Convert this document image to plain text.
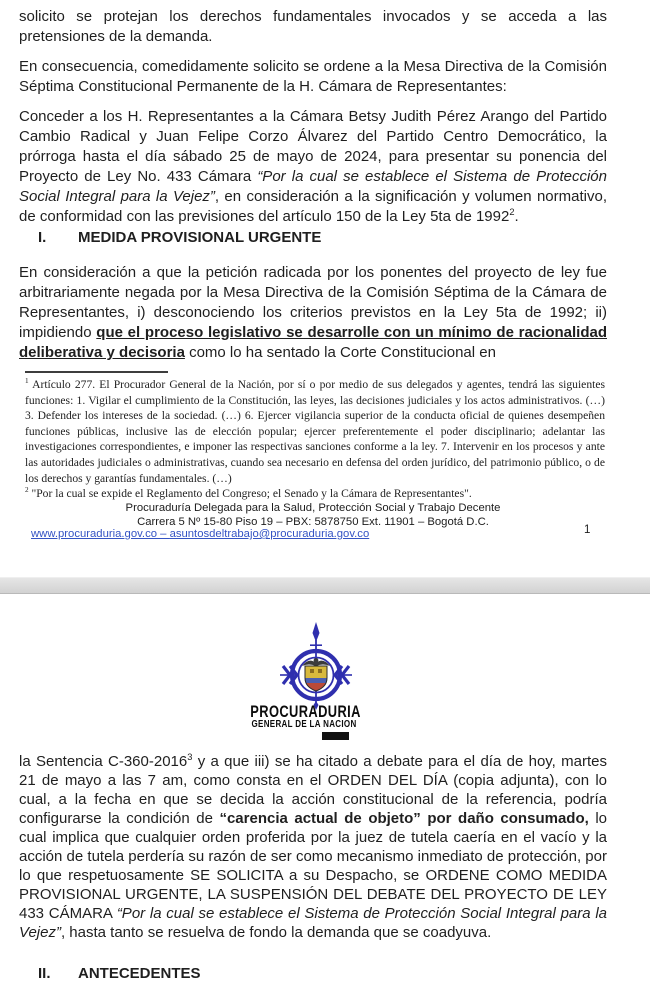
solicito se protejan los derechos fundamentales invocados y se acceda a las pretensiones de la demanda.

En consecuencia, comedidamente solicito se ordene a la Mesa Directiva de la Comisión Séptima Constitucional Permanente de la H. Cámara de Representantes:

Conceder a los H. Representantes a la Cámara Betsy Judith Pérez Arango del Partido Cambio Radical y Juan Felipe Corzo Álvarez del Partido Centro Democrático, la prórroga hasta el día sábado 25 de mayo de 2024, para presentar su ponencia del Proyecto de Ley No. 433 Cámara “Por la cual se establece el Sistema de Protección Social Integral para la Vejez”, en consideración a la significación y volumen normativo, de conformidad con las previsiones del artículo 150 de la Ley 5ta de 1992$^2$.

I. MEDIDA PROVISIONAL URGENTE

En consideración a que la petición radicada por los ponentes del proyecto de ley fue arbitrariamente negada por la Mesa Directiva de la Comisión Séptima de la Cámara de Representantes, i) desconociendo los criterios previstos en la Ley 5ta de 1992; ii) impidiendo que el proceso legislativo se desarrolle con un mínimo de racionalidad deliberativa y decisoria como lo ha sentado la Corte Constitucional en

$^1$ Artículo 277. El Procurador General de la Nación, por sí o por medio de sus delegados y agentes, tendrá las siguientes funciones: 1. Vigilar el cumplimiento de la Constitución, las leyes, las decisiones judiciales y los actos administrativos. (…) 3. Defender los intereses de la sociedad. (…) 6. Ejercer vigilancia superior de la conducta oficial de quienes desempeñen funciones públicas, inclusive las de elección popular; ejercer preferentemente el poder disciplinario; adelantar las investigaciones correspondientes, e imponer las respectivas sanciones conforme a la ley. 7. Intervenir en los procesos y ante las autoridades judiciales o administrativas, cuando sea necesario en defensa del orden jurídico, del patrimonio público, o de los derechos y garantías fundamentales. (…)

$^2$ "Por la cual se expide el Reglamento del Congreso; el Senado y la Cámara de Representantes".

Procuraduría Delegada para la Salud, Protección Social y Trabajo Decente

Carrera 5 Nº 15-80 Piso 19 – PBX: 5878750 Ext. 11901 – Bogotá D.C.

www.procuraduria.gov.co – asuntosdeltrabajo@procuraduria.gov.co	1
PROCURADURIA
GENERAL DE LA NACION

la Sentencia C-360-2016$^3$ y a que iii) se ha citado a debate para el día de hoy, martes 21 de mayo a las 7 am, como consta en el ORDEN DEL DÍA (copia adjunta), con lo cual, a la fecha en que se decida la acción constitucional de la referencia, podría configurarse la condición de “carencia actual de objeto” por daño consumado, lo cual implica que cualquier orden proferida por la juez de tutela caería en el vacío y la acción de tutela perdería su razón de ser como mecanismo inmediato de protección, por lo que respetuosamente SE SOLICITA a su Despacho, se ORDENE COMO MEDIDA PROVISIONAL URGENTE, LA SUSPENSIÓN DEL DEBATE DEL PROYECTO DE LEY 433 CÁMARA “Por la cual se establece el Sistema de Protección Social Integral para la Vejez”, hasta tanto se resuelva de fondo la demanda que se coadyuva.

II. ANTECEDENTES
